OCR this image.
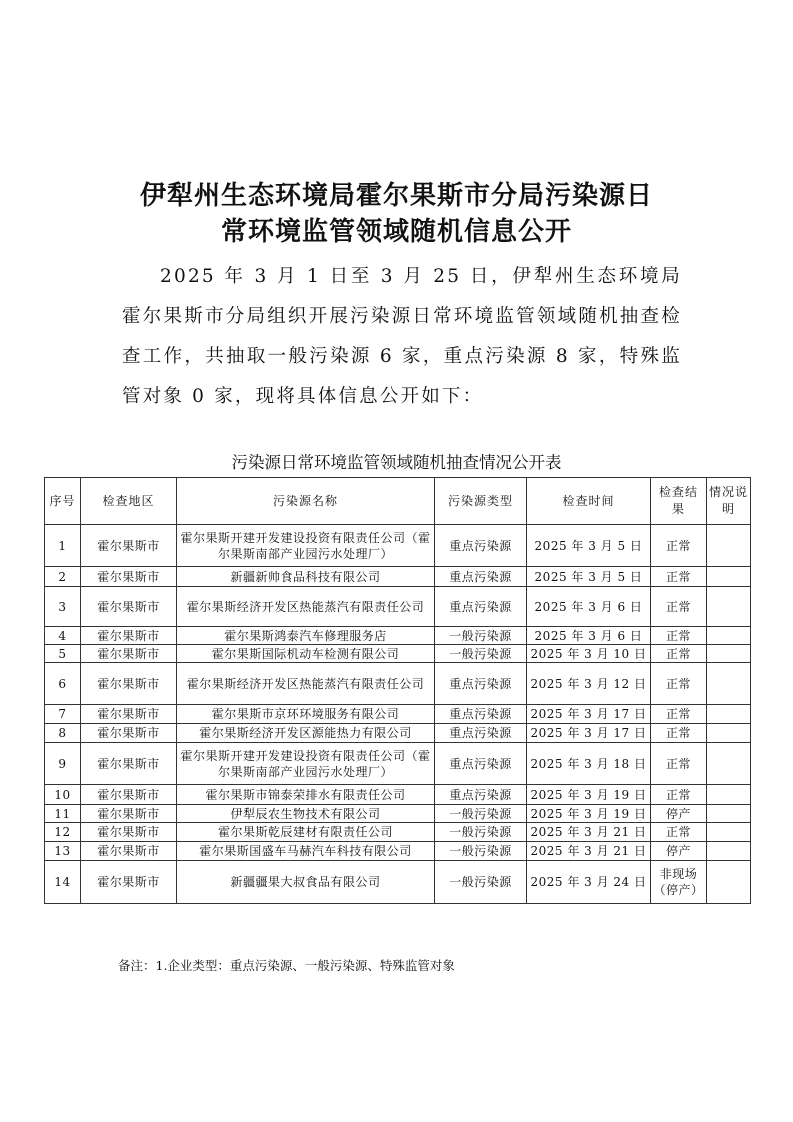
伊犁州生态环境局霍尔果斯市分局污染源日
常环境监管领域随机信息公开
2025 年 3 月 1 日至 3 月 25 日，伊犁州生态环境局霍尔果斯市分局组织开展污染源日常环境监管领域随机抽查检查工作，共抽取一般污染源 6 家，重点污染源 8 家，特殊监管对象 0 家，现将具体信息公开如下：
污染源日常环境监管领域随机抽查情况公开表
序号	检查地区	污染源名称	污染源类型	检查时间	检查结果	情况说明
1	霍尔果斯市	霍尔果斯开建开发建设投资有限责任公司（霍尔果斯南部产业园污水处理厂）	重点污染源	2025 年 3 月 5 日	正常	
2	霍尔果斯市	新疆新帅食品科技有限公司	重点污染源	2025 年 3 月 5 日	正常	
3	霍尔果斯市	霍尔果斯经济开发区热能蒸汽有限责任公司	重点污染源	2025 年 3 月 6 日	正常	
4	霍尔果斯市	霍尔果斯鸿泰汽车修理服务店	一般污染源	2025 年 3 月 6 日	正常	
5	霍尔果斯市	霍尔果斯国际机动车检测有限公司	一般污染源	2025 年 3 月 10 日	正常	
6	霍尔果斯市	霍尔果斯经济开发区热能蒸汽有限责任公司	重点污染源	2025 年 3 月 12 日	正常	
7	霍尔果斯市	霍尔果斯市京环环境服务有限公司	重点污染源	2025 年 3 月 17 日	正常	
8	霍尔果斯市	霍尔果斯经济开发区源能热力有限公司	重点污染源	2025 年 3 月 17 日	正常	
9	霍尔果斯市	霍尔果斯开建开发建设投资有限责任公司（霍尔果斯南部产业园污水处理厂）	重点污染源	2025 年 3 月 18 日	正常	
10	霍尔果斯市	霍尔果斯市锦泰荣排水有限责任公司	重点污染源	2025 年 3 月 19 日	正常	
11	霍尔果斯市	伊犁辰农生物技术有限公司	一般污染源	2025 年 3 月 19 日	停产	
12	霍尔果斯市	霍尔果斯乾辰建材有限责任公司	一般污染源	2025 年 3 月 21 日	正常	
13	霍尔果斯市	霍尔果斯国盛车马赫汽车科技有限公司	一般污染源	2025 年 3 月 21 日	停产	
14	霍尔果斯市	新疆疆果大叔食品有限公司	一般污染源	2025 年 3 月 24 日	非现场（停产）	
备注：1.企业类型：重点污染源、一般污染源、特殊监管对象
